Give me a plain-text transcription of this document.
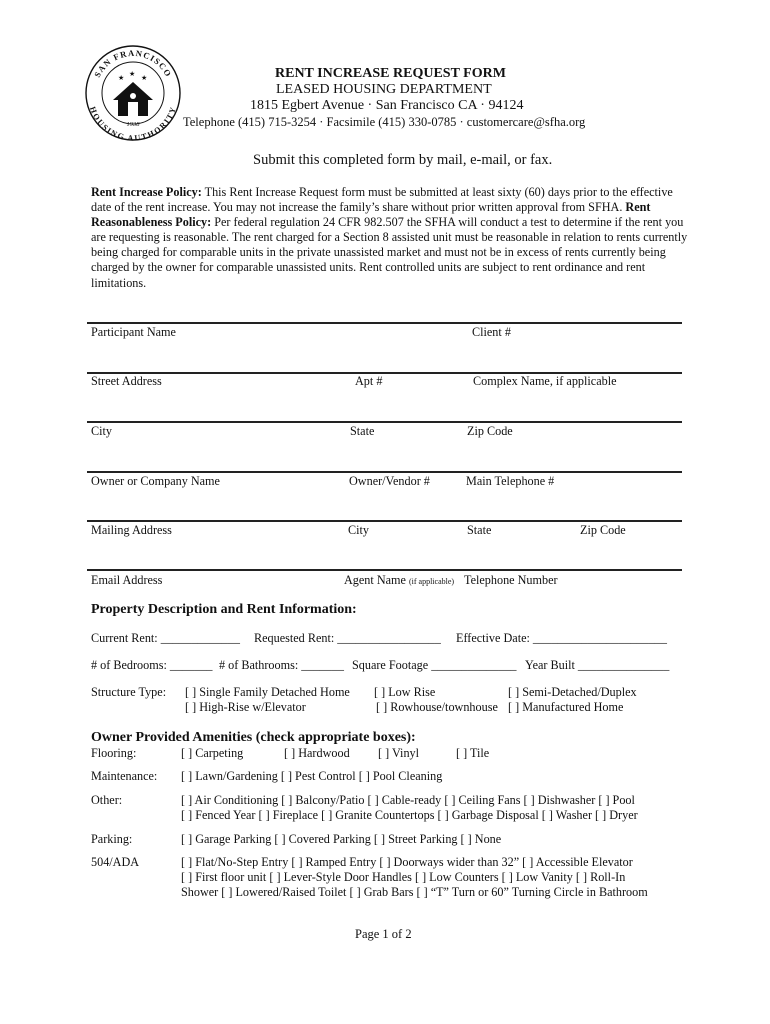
SAN FRANCISCO
HOUSING AUTHORITY
★ ★ ★
1938
RENT INCREASE REQUEST FORM
LEASED HOUSING DEPARTMENT
1815 Egbert Avenue · San Francisco CA · 94124
Telephone (415) 715-3254 · Facsimile (415) 330-0785 · customercare@sfha.org
Submit this completed form by mail, e-mail, or fax.
Rent Increase Policy: This Rent Increase Request form must be submitted at least sixty (60) days prior to the effective date of the rent increase. You may not increase the family’s share without prior written approval from SFHA. Rent Reasonableness Policy: Per federal regulation 24 CFR 982.507 the SFHA will conduct a test to determine if the rent you are requesting is reasonable. The rent charged for a Section 8 assisted unit must be reasonable in relation to rents currently being charged for comparable units in the private unassisted market and must not be in excess of rents currently being charged by the owner for comparable unassisted units. Rent controlled units are subject to rent ordinance and rent limitations.
Participant Name	Client #
Street Address	Apt #	Complex Name, if applicable
City	State	Zip Code
Owner or Company Name	Owner/Vendor #	Main Telephone #
Mailing Address	City	State	Zip Code
Email Address	Agent Name (if applicable) Telephone Number
Property Description and Rent Information:
Current Rent: _____________ Requested Rent: _________________ Effective Date: ______________________
# of Bedrooms: _______ # of Bathrooms: _______ Square Footage ______________ Year Built _______________
Structure Type: [ ] Single Family Detached Home [ ] Low Rise	[ ] Semi-Detached/Duplex
[ ] High-Rise w/Elevator	[ ] Rowhouse/townhouse [ ] Manufactured Home
Owner Provided Amenities (check appropriate boxes):
Flooring:	[ ] Carpeting	[ ] Hardwood [ ] Vinyl	[ ] Tile
Maintenance: [ ] Lawn/Gardening [ ] Pest Control [ ] Pool Cleaning
Other:	[ ] Air Conditioning [ ] Balcony/Patio [ ] Cable-ready [ ] Ceiling Fans [ ] Dishwasher [ ] Pool
[ ] Fenced Year [ ] Fireplace [ ] Granite Countertops [ ] Garbage Disposal [ ] Washer [ ] Dryer
Parking:	[ ] Garage Parking [ ] Covered Parking [ ] Street Parking [ ] None
504/ADA	[ ] Flat/No-Step Entry [ ] Ramped Entry [ ] Doorways wider than 32” [ ] Accessible Elevator
[ ] First floor unit [ ] Lever-Style Door Handles [ ] Low Counters [ ] Low Vanity [ ] Roll-In
Shower [ ] Lowered/Raised Toilet [ ] Grab Bars [ ] “T” Turn or 60” Turning Circle in Bathroom
Page 1 of 2
